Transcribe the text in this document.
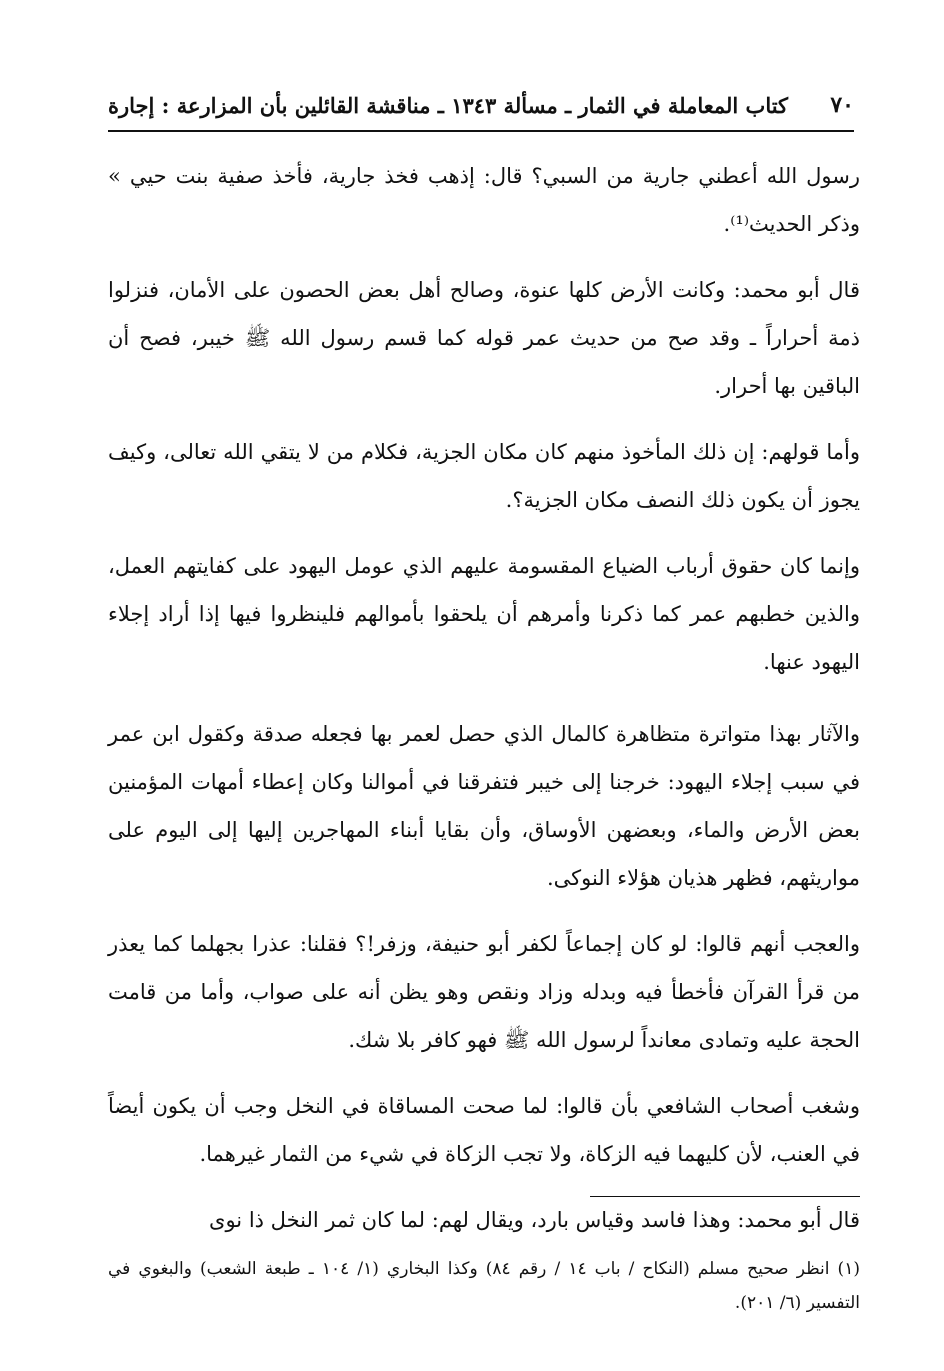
٧٠
كتاب المعاملة في الثمار ـ مسألة ١٣٤٣ ـ مناقشة القائلين بأن المزارعة : إجارة

رسول الله أعطني جارية من السبي؟ قال: إذهب فخذ جارية، فأخذ صفية بنت حيي » وذكر الحديث⁽¹⁾.

قال أبو محمد: وكانت الأرض كلها عنوة، وصالح أهل بعض الحصون على الأمان، فنزلوا ذمة أحراراً ـ وقد صح من حديث عمر قوله كما قسم رسول الله ﷺ خيبر، فصح أن الباقين بها أحرار.

وأما قولهم: إن ذلك المأخوذ منهم كان مكان الجزية، فكلام من لا يتقي الله تعالى، وكيف يجوز أن يكون ذلك النصف مكان الجزية؟.

وإنما كان حقوق أرباب الضياع المقسومة عليهم الذي عومل اليهود على كفايتهم العمل، والذين خطبهم عمر كما ذكرنا وأمرهم أن يلحقوا بأموالهم فلينظروا فيها إذا أراد إجلاء اليهود عنها.

والآثار بهذا متواترة متظاهرة كالمال الذي حصل لعمر بها فجعله صدقة وكقول ابن عمر في سبب إجلاء اليهود: خرجنا إلى خيبر فتفرقنا في أموالنا وكان إعطاء أمهات المؤمنين بعض الأرض والماء، وبعضهن الأوساق، وأن بقايا أبناء المهاجرين إليها إلى اليوم على مواريثهم، فظهر هذيان هؤلاء النوكى.

والعجب أنهم قالوا: لو كان إجماعاً لكفر أبو حنيفة، وزفر!؟ فقلنا: عذرا بجهلما كما يعذر من قرأ القرآن فأخطأ فيه وبدله وزاد ونقص وهو يظن أنه على صواب، وأما من قامت الحجة عليه وتمادى معانداً لرسول الله ﷺ فهو كافر بلا شك.

وشغب أصحاب الشافعي بأن قالوا: لما صحت المساقاة في النخل وجب أن يكون أيضاً في العنب، لأن كليهما فيه الزكاة، ولا تجب الزكاة في شيء من الثمار غيرهما.

قال أبو محمد: وهذا فاسد وقياس بارد، ويقال لهم: لما كان ثمر النخل ذا نوى

(١) انظر صحيح مسلم (النكاح / باب ١٤ / رقم ٨٤) وكذا البخاري (١/ ١٠٤ ـ طبعة الشعب) والبغوي في التفسير (٦/ ٢٠١).
